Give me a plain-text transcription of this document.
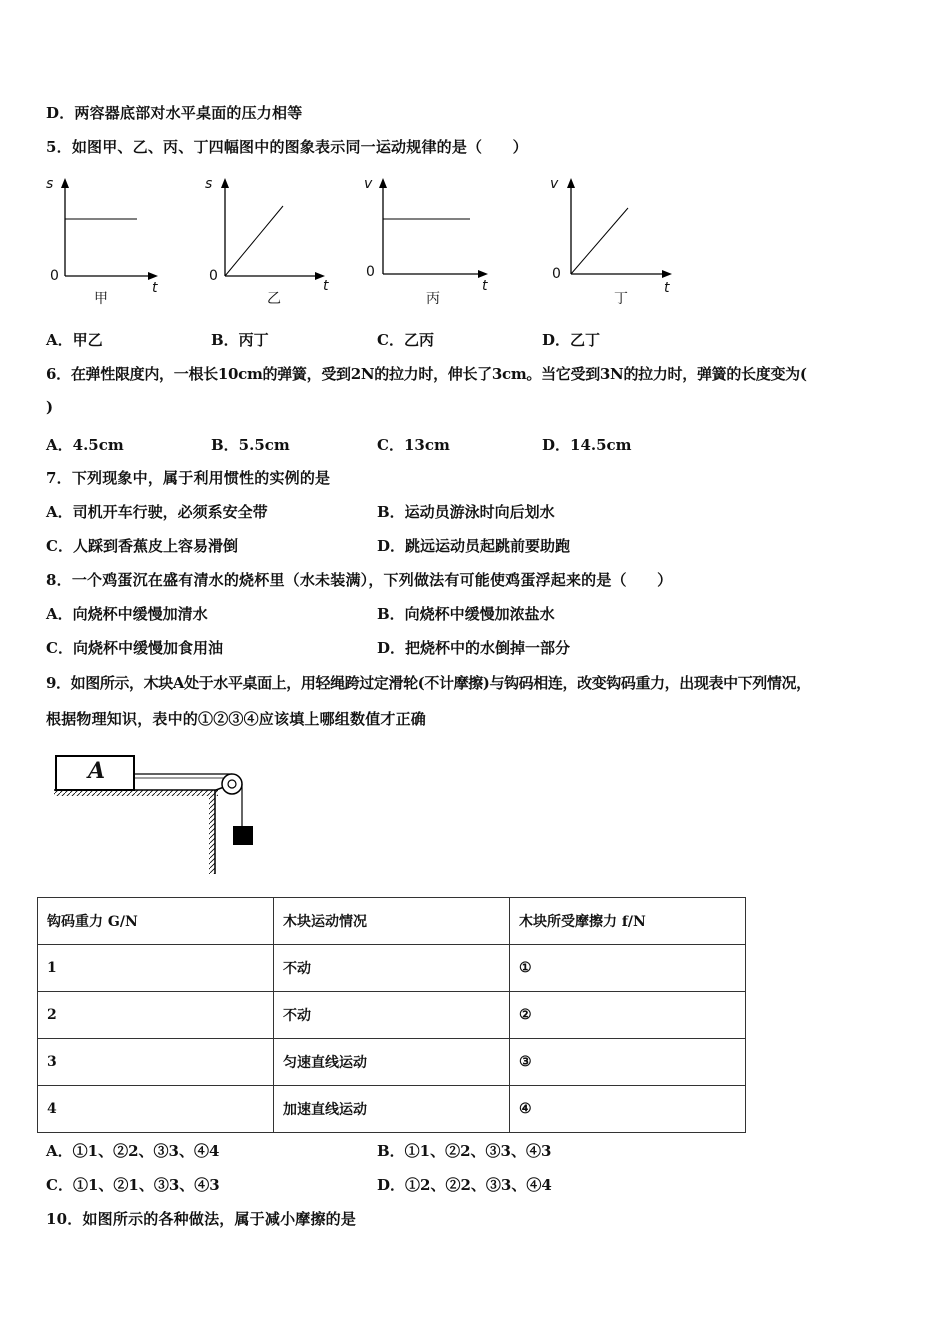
D．两容器底部对水平桌面的压力相等
5．如图甲、乙、丙、丁四幅图中的图象表示同一运动规律的是（　　）
s
0
t
甲
s
0
t
乙
v
0
t
丙
v
0
t
丁
A．甲乙	B．丙丁	C．乙丙	D．乙丁
6．在弹性限度内，一根长10cm的弹簧，受到2N的拉力时，伸长了3cm。当它受到3N的拉力时，弹簧的长度变为(
)
A．4.5cm	B．5.5cm	C．13cm	D．14.5cm
7．下列现象中，属于利用惯性的实例的是
A．司机开车行驶，必须系安全带	B．运动员游泳时向后划水
C．人踩到香蕉皮上容易滑倒	D．跳远运动员起跳前要助跑
8．一个鸡蛋沉在盛有清水的烧杯里（水未装满），下列做法有可能使鸡蛋浮起来的是（　　）
A．向烧杯中缓慢加清水	B．向烧杯中缓慢加浓盐水
C．向烧杯中缓慢加食用油	D．把烧杯中的水倒掉一部分
9．如图所示，木块A处于水平桌面上，用轻绳跨过定滑轮(不计摩擦)与钩码相连，改变钩码重力，出现表中下列情况，
根据物理知识，表中的①②③④应该填上哪组数值才正确
A
钩码重力 G/N	木块运动情况	木块所受摩擦力 f/N
1	不动	①
2	不动	②
3	匀速直线运动	③
4	加速直线运动	④
A．①1、②2、③3、④4	B．①1、②2、③3、④3
C．①1、②1、③3、④3	D．①2、②2、③3、④4
10．如图所示的各种做法，属于减小摩擦的是
